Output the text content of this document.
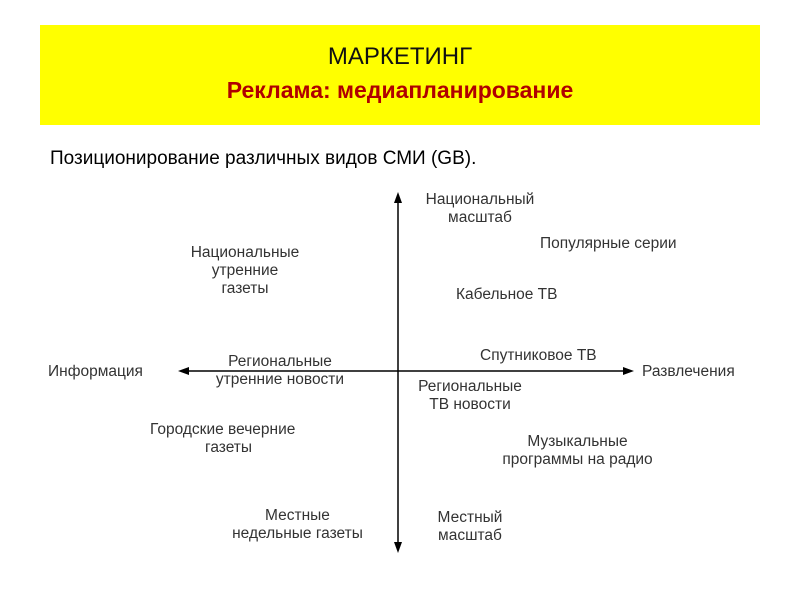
МАРКЕТИНГ
Реклама: медиапланирование
Позиционирование различных видов СМИ (GB).
Национальный
масштаб
Местный
масштаб
Информация	Развлечения
Национальные
утренние
газеты
Популярные серии
Кабельное ТВ
Спутниковое ТВ
Региональные
утренние новости	Региональные
ТВ новости
Городские вечерние
газеты	Музыкальные
программы на радио
Местные
недельные газеты
